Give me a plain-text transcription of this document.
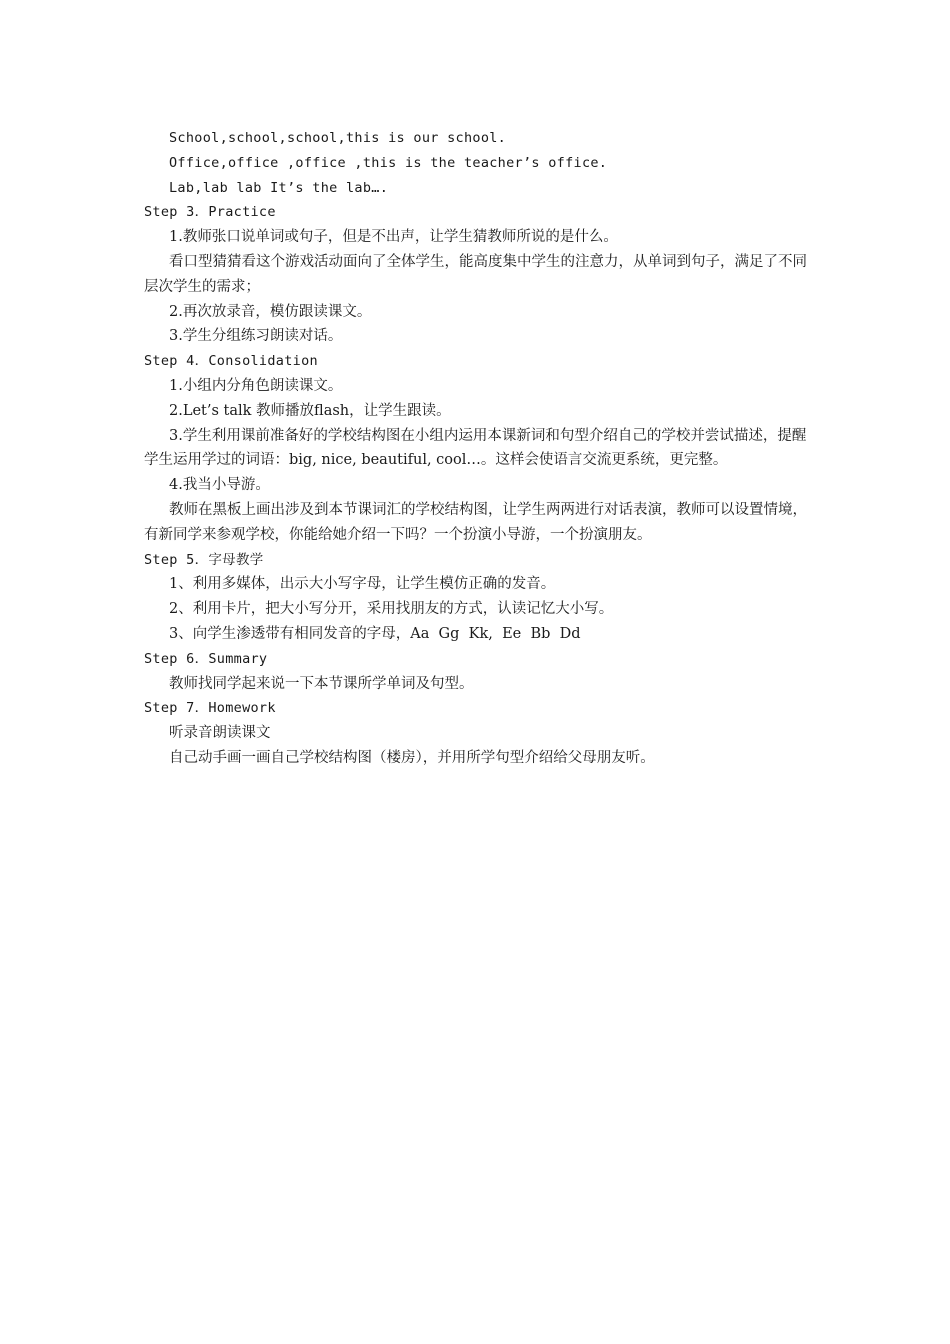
School,school,school,this is our school.

Office,office ,office ,this is the teacher’s office.

Lab,lab lab It’s the lab….

Step 3．Practice

1.教师张口说单词或句子，但是不出声，让学生猜教师所说的是什么。

看口型猜猜看这个游戏活动面向了全体学生，能高度集中学生的注意力，从单词到句子，满足了不同层次学生的需求；

2.再次放录音，模仿跟读课文。

3.学生分组练习朗读对话。

Step 4．Consolidation

1.小组内分角色朗读课文。

2.Let’s talk 教师播放flash，让学生跟读。

3.学生利用课前准备好的学校结构图在小组内运用本课新词和句型介绍自己的学校并尝试描述，提醒学生运用学过的词语：big, nice, beautiful, cool…。这样会使语言交流更系统，更完整。

4.我当小导游。

教师在黑板上画出涉及到本节课词汇的学校结构图，让学生两两进行对话表演，教师可以设置情境，有新同学来参观学校，你能给她介绍一下吗？一个扮演小导游，一个扮演朋友。

Step 5．字母教学

1、利用多媒体，出示大小写字母，让学生模仿正确的发音。

2、利用卡片，把大小写分开，采用找朋友的方式，认读记忆大小写。

3、向学生渗透带有相同发音的字母，Aa  Gg  Kk,  Ee  Bb  Dd

Step 6．Summary

教师找同学起来说一下本节课所学单词及句型。

Step 7．Homework

听录音朗读课文

自己动手画一画自己学校结构图（楼房），并用所学句型介绍给父母朋友听。
